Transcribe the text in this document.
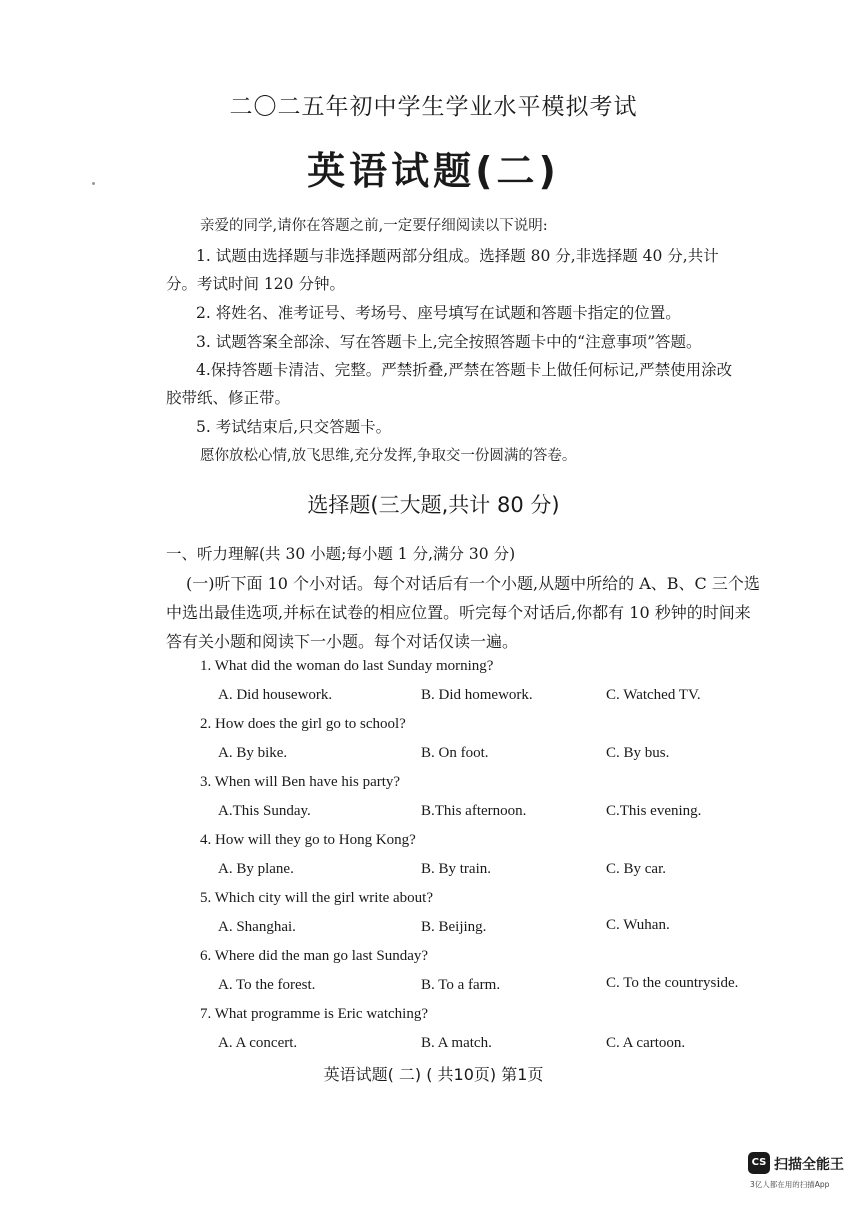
二〇二五年初中学生学业水平模拟考试
英语试题(二)
亲爱的同学,请你在答题之前,一定要仔细阅读以下说明:
1. 试题由选择题与非选择题两部分组成。选择题 80 分,非选择题 40 分,共计
分。考试时间 120 分钟。
2. 将姓名、准考证号、考场号、座号填写在试题和答题卡指定的位置。
3. 试题答案全部涂、写在答题卡上,完全按照答题卡中的“注意事项”答题。
4.保持答题卡清洁、完整。严禁折叠,严禁在答题卡上做任何标记,严禁使用涂改
胶带纸、修正带。
5. 考试结束后,只交答题卡。
愿你放松心情,放飞思维,充分发挥,争取交一份圆满的答卷。
选择题(三大题,共计 80 分)
一、听力理解(共 30 小题;每小题 1 分,满分 30 分)
(一)听下面 10 个小对话。每个对话后有一个小题,从题中所给的 A、B、C 三个选
中选出最佳选项,并标在试卷的相应位置。听完每个对话后,你都有 10 秒钟的时间来
答有关小题和阅读下一小题。每个对话仅读一遍。
1. What did the woman do last Sunday morning?
A. Did housework.	B. Did homework.	C. Watched TV.
2. How does the girl go to school?
A. By bike.	B. On foot.	C. By bus.
3. When will Ben have his party?
A.This Sunday.	B.This afternoon.	C.This evening.
4. How will they go to Hong Kong?
A. By plane.	B. By train.	C. By car.
5. Which city will the girl write about?
A. Shanghai.	B. Beijing.	C. Wuhan.
6. Where did the man go last Sunday?
A. To the forest.	B. To a farm.	C. To the countryside.
7. What programme is Eric watching?
A. A concert.	B. A match.	C. A cartoon.
英语试题( 二) ( 共10页) 第1页
CS 扫描全能王
3亿人都在用的扫描App
